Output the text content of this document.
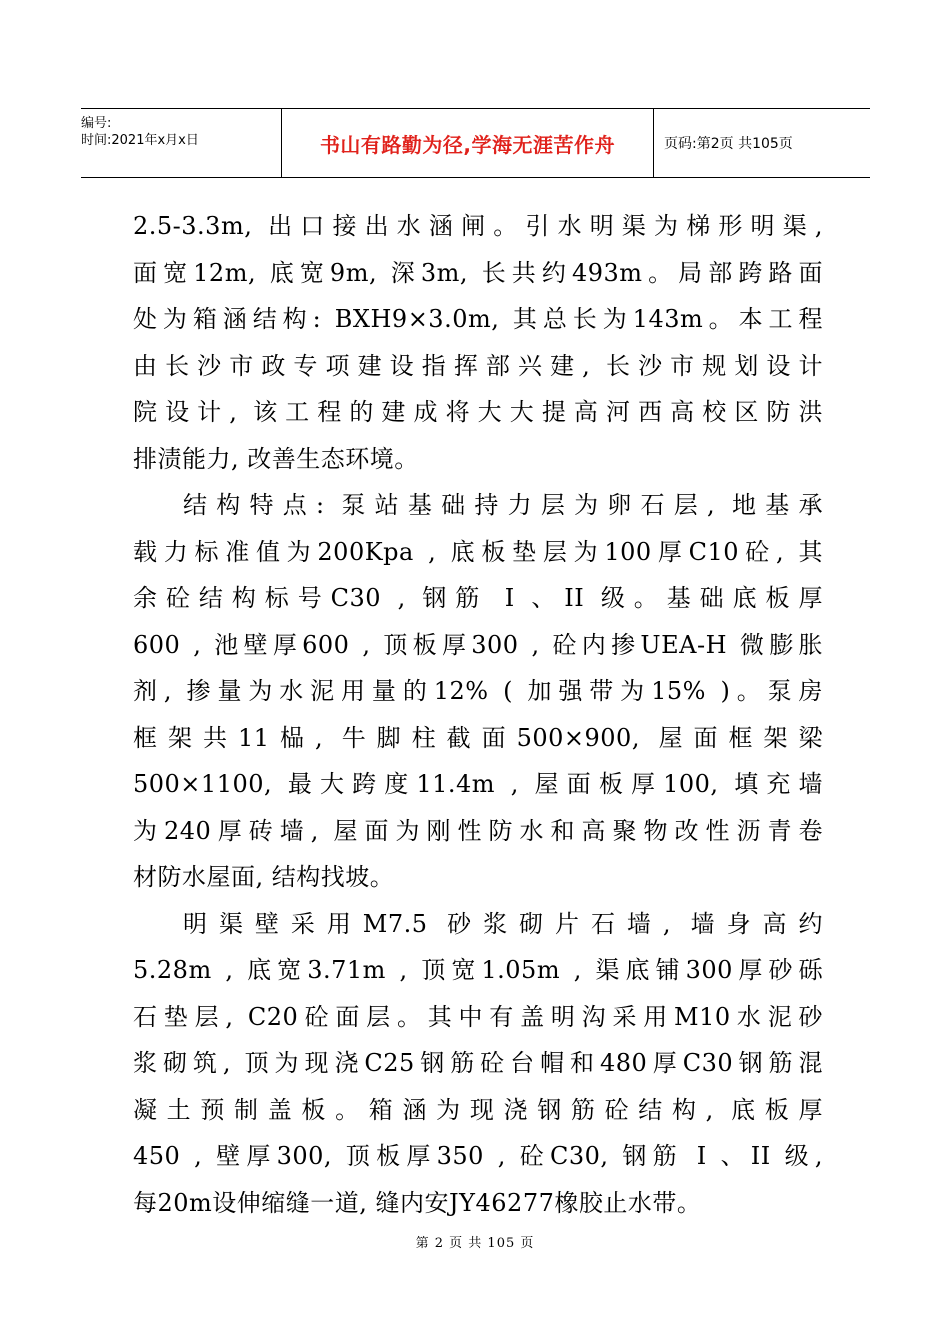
编号:
时间:2021年x月x日	书山有路勤为径,学海无涯苦作舟	页码:第2页 共105页
2.5-3.3m, 出口接出水涵闸。引水明渠为梯形明渠,
面宽12m, 底宽9m, 深3m, 长共约493m。局部跨路面
处为箱涵结构: BXH9×3.0m, 其总长为143m。本工程
由长沙市政专项建设指挥部兴建, 长沙市规划设计
院设计, 该工程的建成将大大提高河西高校区防洪
排渍能力, 改善生态环境。
结构特点: 泵站基础持力层为卵石层, 地基承
载力标准值为200Kpa , 底板垫层为100厚C10砼, 其
余砼结构标号C30 , 钢筋 I 、II 级。基础底板厚
600 , 池壁厚600 , 顶板厚300 , 砼内掺UEA-H 微膨胀
剂, 掺量为水泥用量的12% ( 加强带为15% )。泵房
框架共11榀, 牛脚柱截面500×900, 屋面框架梁
500×1100, 最大跨度11.4m , 屋面板厚100, 填充墙
为240厚砖墙, 屋面为刚性防水和高聚物改性沥青卷
材防水屋面, 结构找坡。
明渠壁采用M7.5 砂浆砌片石墙, 墙身高约
5.28m , 底宽3.71m , 顶宽1.05m , 渠底铺300厚砂砾
石垫层, C20砼面层。其中有盖明沟采用M10水泥砂
浆砌筑, 顶为现浇C25钢筋砼台帽和480厚C30钢筋混
凝土预制盖板。箱涵为现浇钢筋砼结构, 底板厚
450 , 壁厚300, 顶板厚350 , 砼C30, 钢筋 I 、II 级,
每20m设伸缩缝一道, 缝内安JY46277橡胶止水带。
第 2 页 共 105 页
